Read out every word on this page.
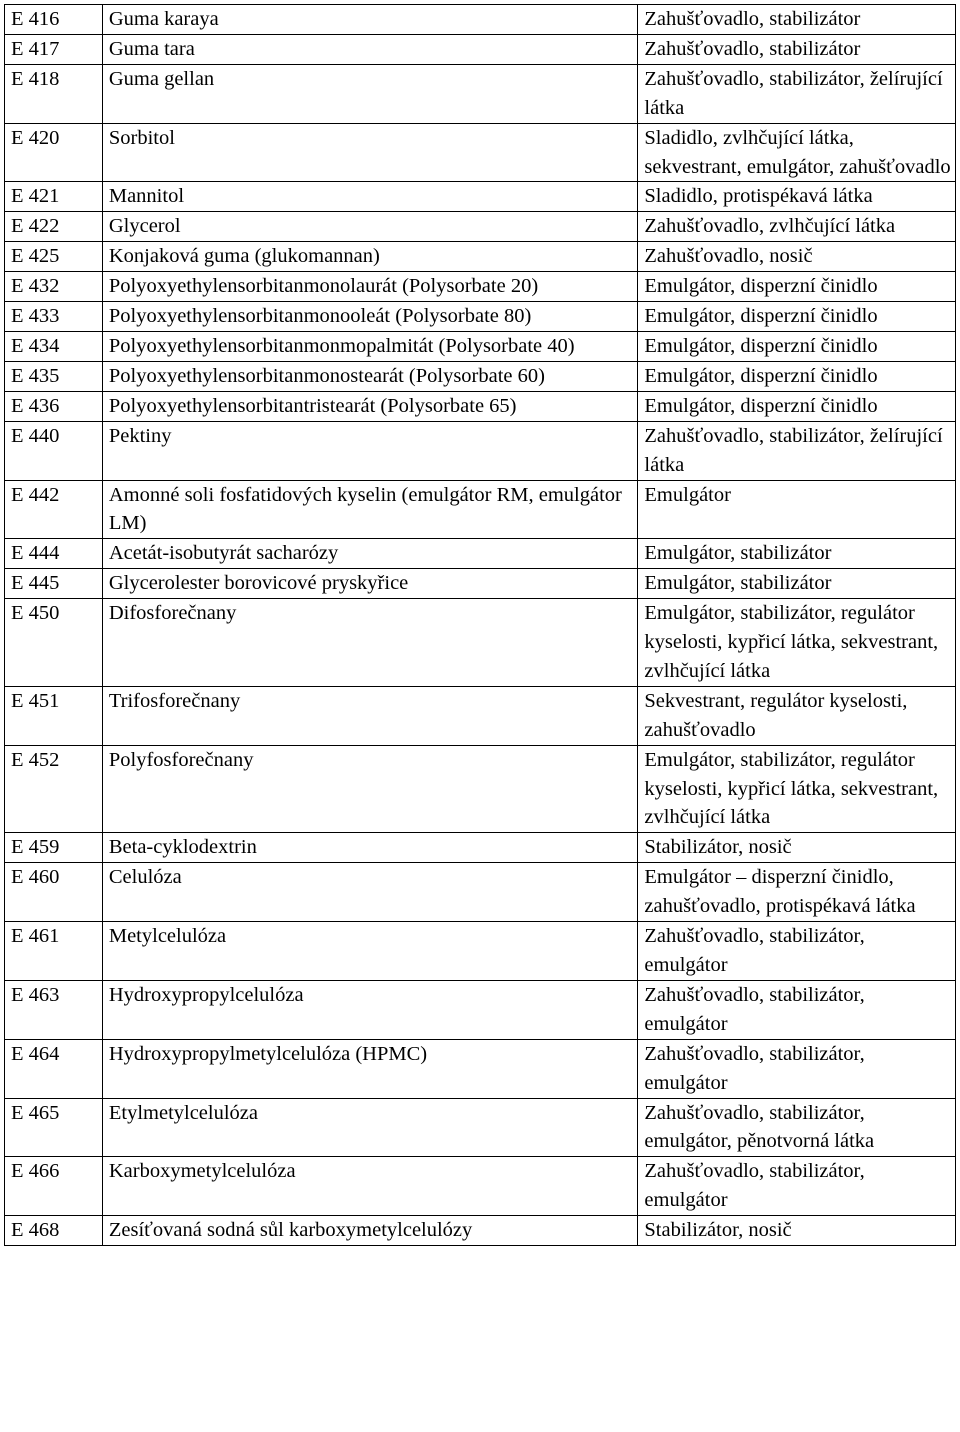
E 416	Guma karaya	Zahušťovadlo, stabilizátor
E 417	Guma tara	Zahušťovadlo, stabilizátor
E 418	Guma gellan	Zahušťovadlo, stabilizátor, želírující látka
E 420	Sorbitol	Sladidlo, zvlhčující látka, sekvestrant, emulgátor, zahušťovadlo
E 421	Mannitol	Sladidlo, protispékavá látka
E 422	Glycerol	Zahušťovadlo, zvlhčující látka
E 425	Konjaková guma (glukomannan)	Zahušťovadlo, nosič
E 432	Polyoxyethylensorbitanmonolaurát (Polysorbate 20)	Emulgátor, disperzní činidlo
E 433	Polyoxyethylensorbitanmonooleát (Polysorbate 80)	Emulgátor, disperzní činidlo
E 434	Polyoxyethylensorbitanmonmopalmitát (Polysorbate 40)	Emulgátor, disperzní činidlo
E 435	Polyoxyethylensorbitanmonostearát (Polysorbate 60)	Emulgátor, disperzní činidlo
E 436	Polyoxyethylensorbitantristearát (Polysorbate 65)	Emulgátor, disperzní činidlo
E 440	Pektiny	Zahušťovadlo, stabilizátor, želírující látka
E 442	Amonné soli fosfatidových kyselin (emulgátor RM, emulgátor LM)	Emulgátor
E 444	Acetát-isobutyrát sacharózy	Emulgátor, stabilizátor
E 445	Glycerolester borovicové pryskyřice	Emulgátor, stabilizátor
E 450	Difosforečnany	Emulgátor, stabilizátor, regulátor kyselosti, kypřicí látka, sekvestrant, zvlhčující látka
E 451	Trifosforečnany	Sekvestrant, regulátor kyselosti, zahušťovadlo
E 452	Polyfosforečnany	Emulgátor, stabilizátor, regulátor kyselosti, kypřicí látka, sekvestrant, zvlhčující látka
E 459	Beta-cyklodextrin	Stabilizátor, nosič
E 460	Celulóza	Emulgátor – disperzní činidlo, zahušťovadlo, protispékavá látka
E 461	Metylcelulóza	Zahušťovadlo, stabilizátor, emulgátor
E 463	Hydroxypropylcelulóza	Zahušťovadlo, stabilizátor, emulgátor
E 464	Hydroxypropylmetylcelulóza (HPMC)	Zahušťovadlo, stabilizátor, emulgátor
E 465	Etylmetylcelulóza	Zahušťovadlo, stabilizátor, emulgátor, pěnotvorná látka
E 466	Karboxymetylcelulóza	Zahušťovadlo, stabilizátor, emulgátor
E 468	Zesíťovaná sodná sůl karboxymetylcelulózy	Stabilizátor, nosič
